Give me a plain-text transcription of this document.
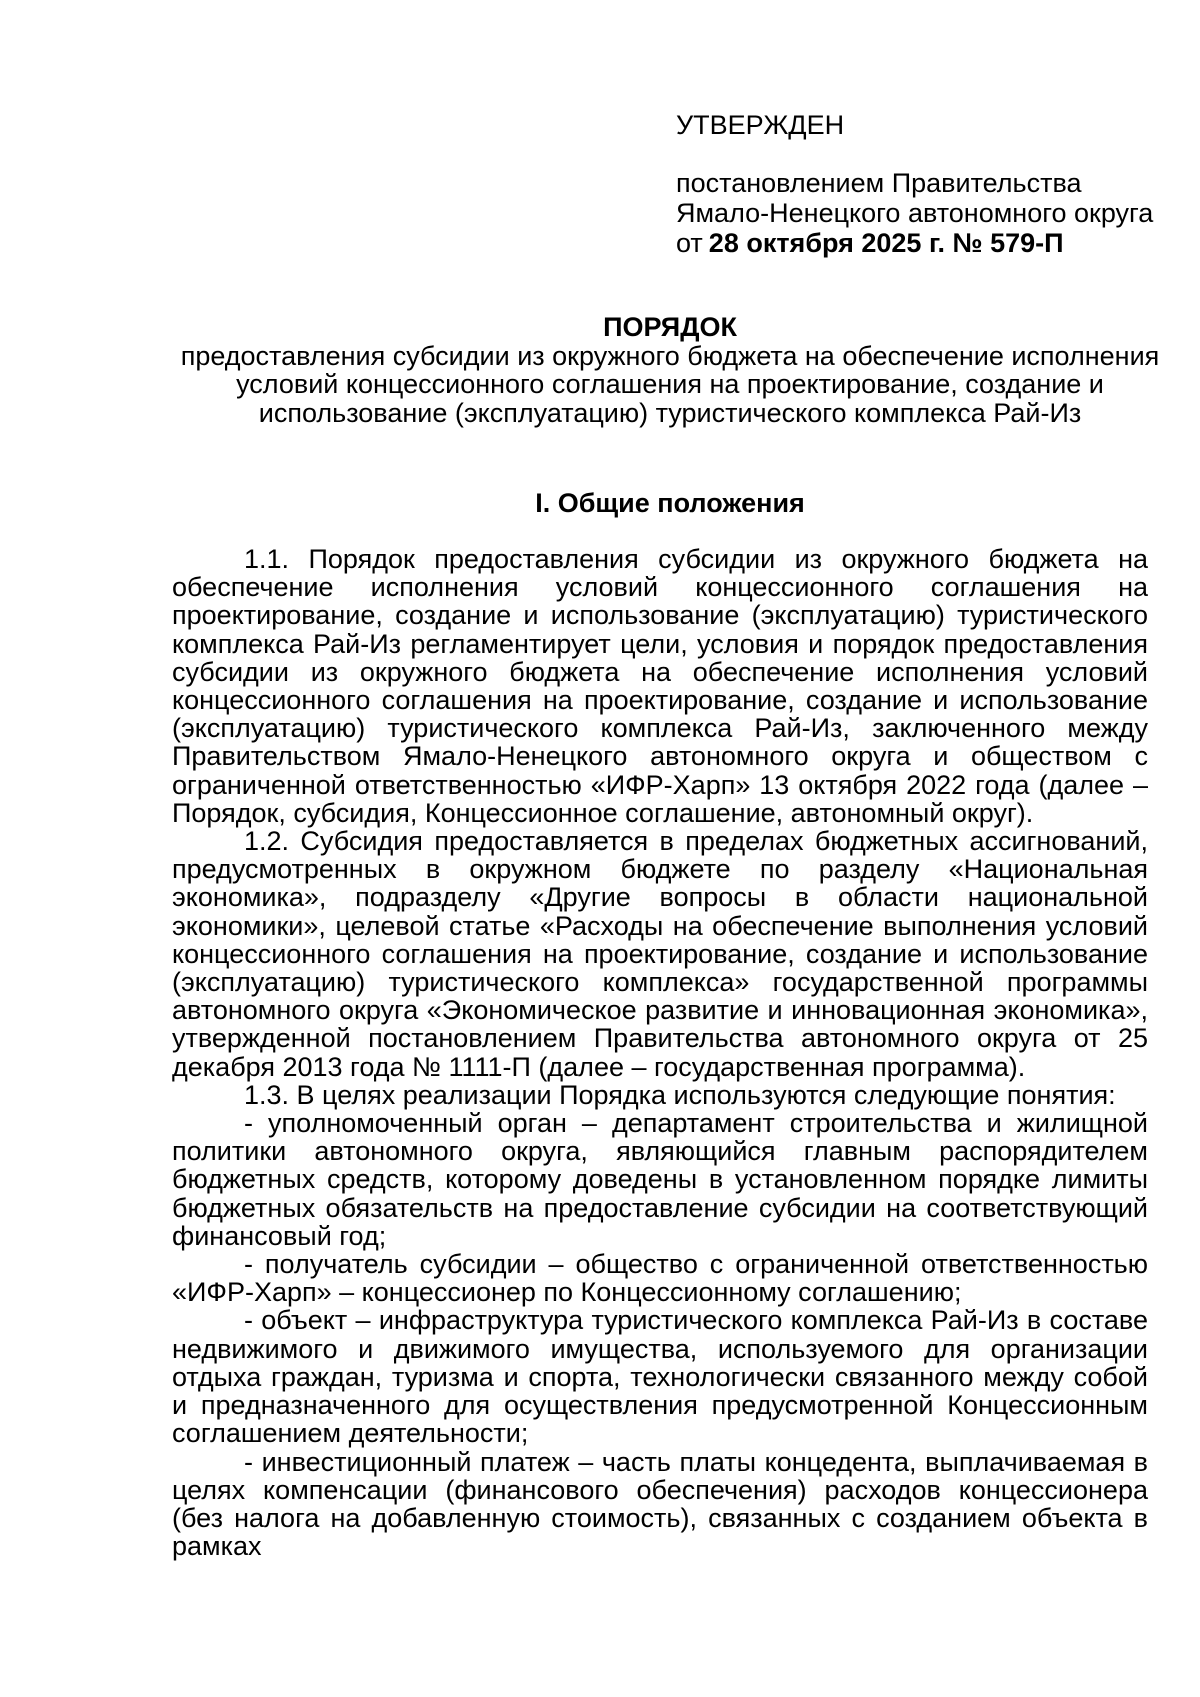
УТВЕРЖДЕН
постановлением Правительства
Ямало-Ненецкого автономного округа
от 28 октября 2025 г. № 579-П
ПОРЯДОК
предоставления субсидии из окружного бюджета на обеспечение исполнения
условий концессионного соглашения на проектирование, создание и
использование (эксплуатацию) туристического комплекса Рай-Из
I. Общие положения

1.1. Порядок предоставления субсидии из окружного бюджета на обеспечение исполнения условий концессионного соглашения на проектирование, создание и использование (эксплуатацию) туристического комплекса Рай-Из регламентирует цели, условия и порядок предоставления субсидии из окружного бюджета на обеспечение исполнения условий концессионного соглашения на проектирование, создание и использование (эксплуатацию) туристического комплекса Рай-Из, заключенного между Правительством Ямало-Ненецкого автономного округа и обществом с ограниченной ответственностью «ИФР-Харп» 13 октября 2022 года (далее – Порядок, субсидия, Концессионное соглашение, автономный округ).

1.2. Субсидия предоставляется в пределах бюджетных ассигнований, предусмотренных в окружном бюджете по разделу «Национальная экономика», подразделу «Другие вопросы в области национальной экономики», целевой статье «Расходы на обеспечение выполнения условий концессионного соглашения на проектирование, создание и использование (эксплуатацию) туристического комплекса» государственной программы автономного округа «Экономическое развитие и инновационная экономика», утвержденной постановлением Правительства автономного округа от 25 декабря 2013 года № 1111-П (далее – государственная программа).

1.3. В целях реализации Порядка используются следующие понятия:

- уполномоченный орган – департамент строительства и жилищной политики автономного округа, являющийся главным распорядителем бюджетных средств, которому доведены в установленном порядке лимиты бюджетных обязательств на предоставление субсидии на соответствующий финансовый год;

- получатель субсидии – общество с ограниченной ответственностью «ИФР-Харп» – концессионер по Концессионному соглашению;

- объект – инфраструктура туристического комплекса Рай-Из в составе недвижимого и движимого имущества, используемого для организации отдыха граждан, туризма и спорта, технологически связанного между собой и предназначенного для осуществления предусмотренной Концессионным соглашением деятельности;

- инвестиционный платеж – часть платы концедента, выплачиваемая в целях компенсации (финансового обеспечения) расходов концессионера (без налога на добавленную стоимость), связанных с созданием объекта в рамках
